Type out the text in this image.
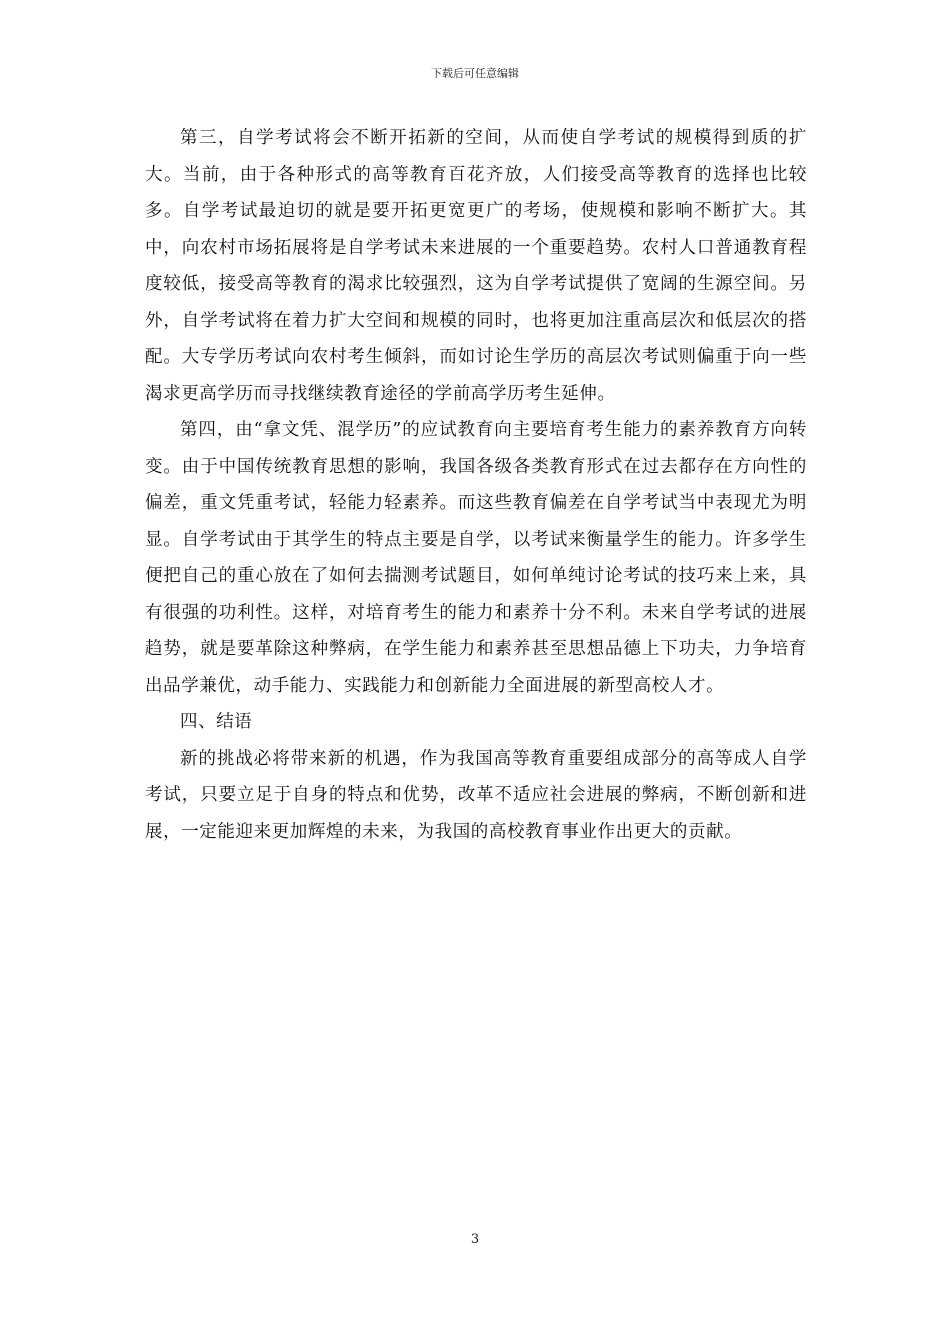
下载后可任意编辑

第三，自学考试将会不断开拓新的空间，从而使自学考试的规模得到质的扩大。当前，由于各种形式的高等教育百花齐放，人们接受高等教育的选择也比较多。自学考试最迫切的就是要开拓更宽更广的考场，使规模和影响不断扩大。其中，向农村市场拓展将是自学考试未来进展的一个重要趋势。农村人口普通教育程度较低，接受高等教育的渴求比较强烈，这为自学考试提供了宽阔的生源空间。另外，自学考试将在着力扩大空间和规模的同时，也将更加注重高层次和低层次的搭配。大专学历考试向农村考生倾斜，而如讨论生学历的高层次考试则偏重于向一些渴求更高学历而寻找继续教育途径的学前高学历考生延伸。

第四，由“拿文凭、混学历”的应试教育向主要培育考生能力的素养教育方向转变。由于中国传统教育思想的影响，我国各级各类教育形式在过去都存在方向性的偏差，重文凭重考试，轻能力轻素养。而这些教育偏差在自学考试当中表现尤为明显。自学考试由于其学生的特点主要是自学，以考试来衡量学生的能力。许多学生便把自己的重心放在了如何去揣测考试题目，如何单纯讨论考试的技巧来上来，具有很强的功利性。这样，对培育考生的能力和素养十分不利。未来自学考试的进展趋势，就是要革除这种弊病，在学生能力和素养甚至思想品德上下功夫，力争培育出品学兼优，动手能力、实践能力和创新能力全面进展的新型高校人才。

四、结语

新的挑战必将带来新的机遇，作为我国高等教育重要组成部分的高等成人自学考试，只要立足于自身的特点和优势，改革不适应社会进展的弊病，不断创新和进展，一定能迎来更加辉煌的未来，为我国的高校教育事业作出更大的贡献。

3
